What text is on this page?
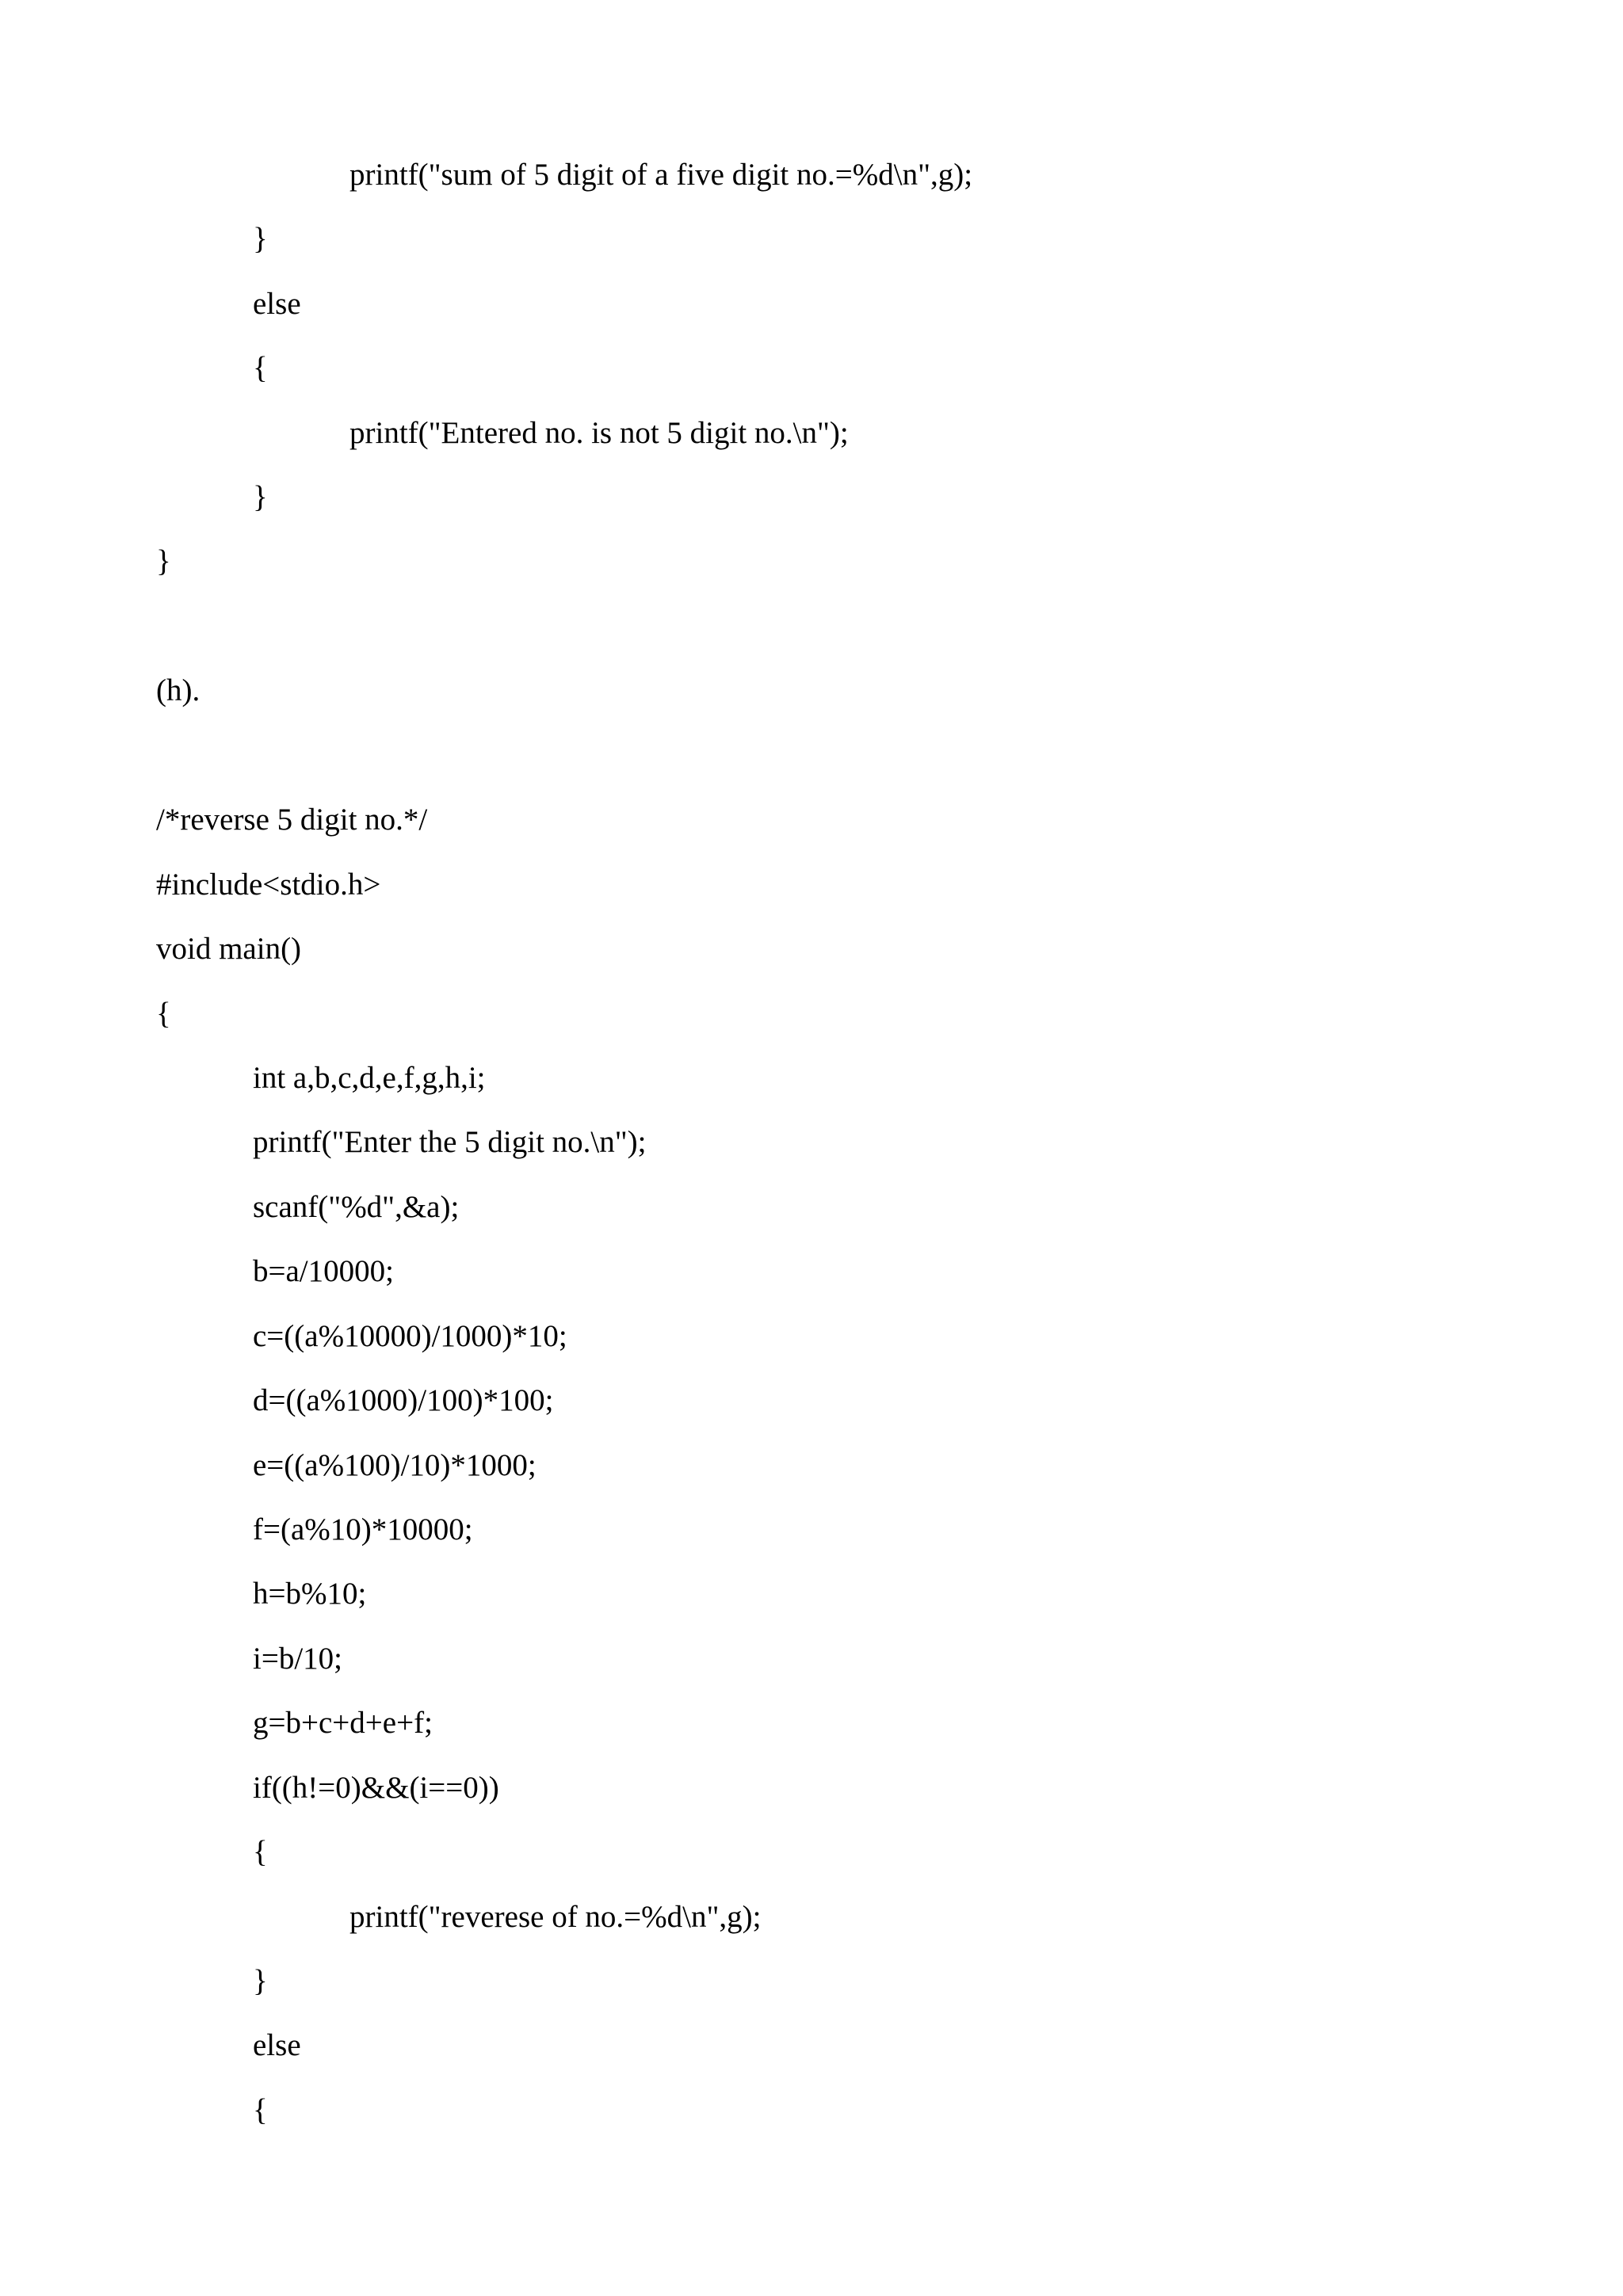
printf("sum of 5 digit of a five digit no.=%d\n",g);
}
else
{
printf("Entered no. is not 5 digit no.\n");
}
}
(h).
/*reverse 5 digit no.*/
#include<stdio.h>
void main()
{
int a,b,c,d,e,f,g,h,i;
printf("Enter the 5 digit no.\n");
scanf("%d",&a);
b=a/10000;
c=((a%10000)/1000)*10;
d=((a%1000)/100)*100;
e=((a%100)/10)*1000;
f=(a%10)*10000;
h=b%10;
i=b/10;
g=b+c+d+e+f;
if((h!=0)&&(i==0))
{
printf("reverese of no.=%d\n",g);
}
else
{
